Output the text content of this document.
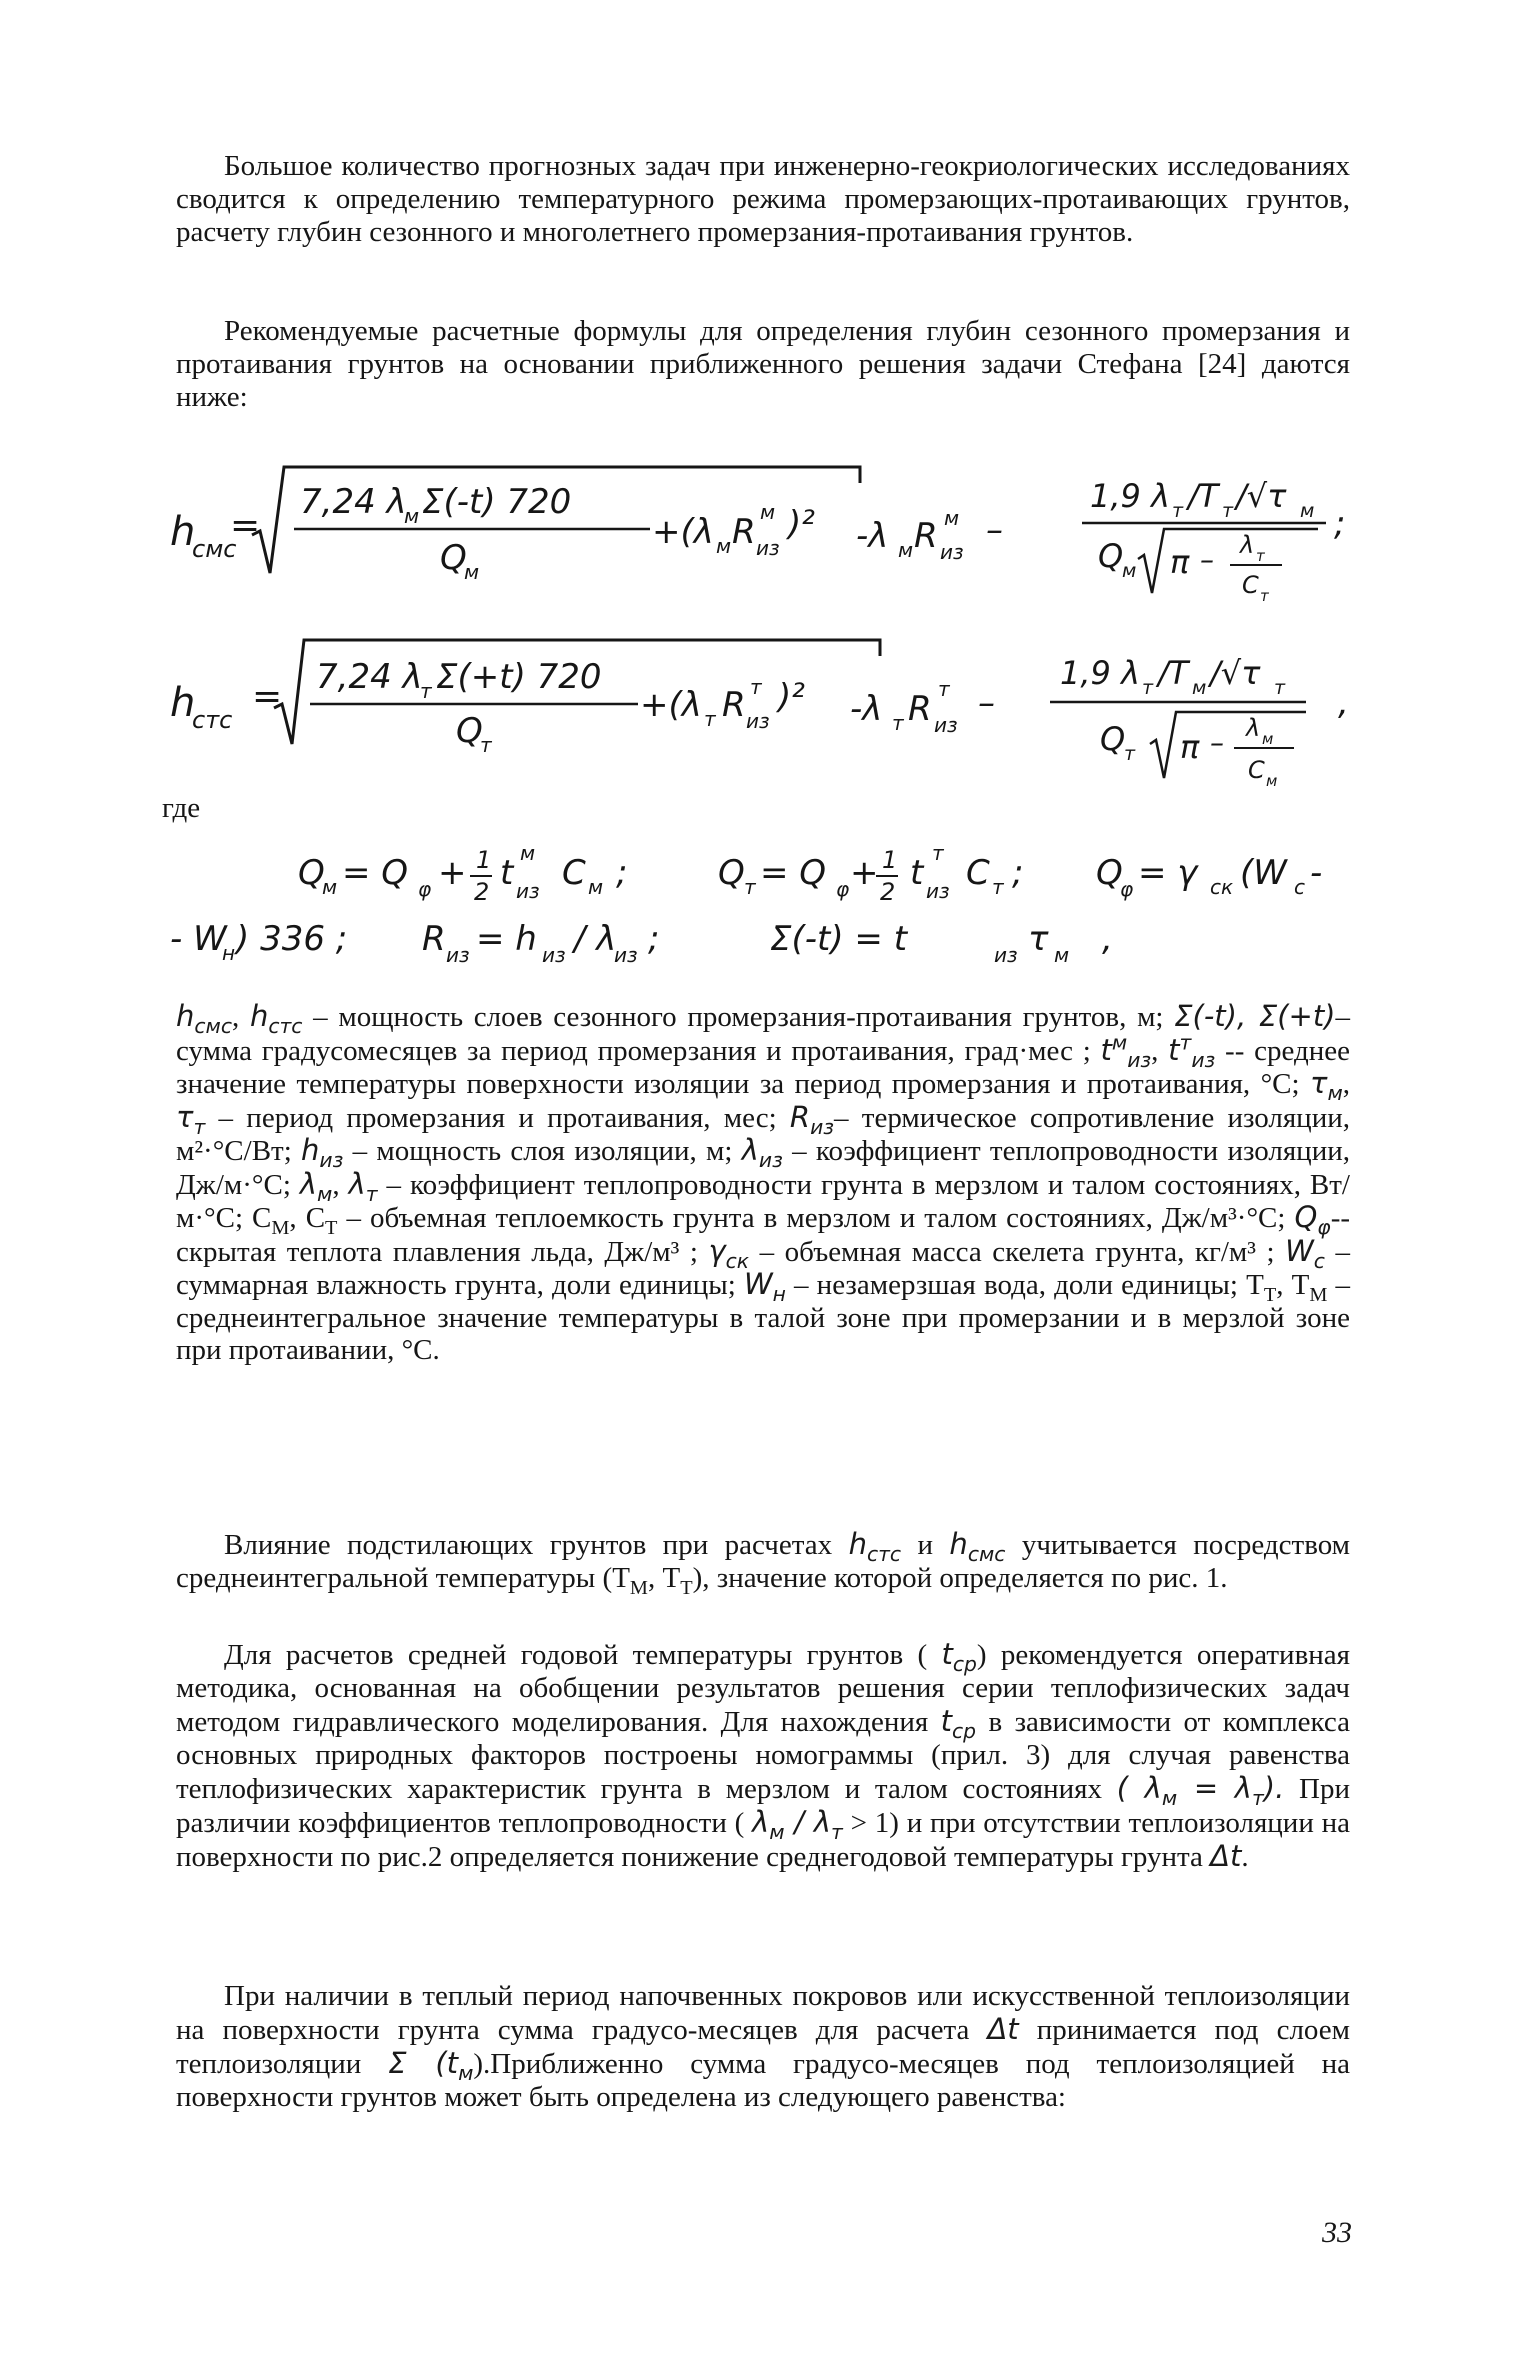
Большое количество прогнозных задач при инженерно-геокриологических исследованиях сводится к определению температурного режима промерзающих-протаивающих грунтов, расчету глубин сезонного и многолетнего промерзания-протаивания грунтов.

Рекомендуемые расчетные формулы для определения глубин сезонного промерзания и протаивания грунтов на основании приближенного решения задачи Стефана [24] даются ниже:

h
смс
=
7,24 λ
м Σ(-t) 720
Q
м
+(λ м R м
из
)² -λ м R м
из
–
1,9 λ т /T т /√τ м
Q
м π – λ т
C т
;
h
стс
= 7,24 λ
т Σ(+t) 720
Q
т
+(λ т R т
из
)² -λ т R т
из
–
1,9 λ т /T м /√τ т
Q
т π – λ м
C м
,
где
Q
м = Q φ + 1
2 t м
из C м ;	Q т = Q φ + 1
2 t т
из C т ; Q
φ = γ ск (W с -
- W
н ) 336 ; R из = h из / λ
из ;	Σ(-t) = t	из τ м ,

$h_{смс}$, $h_{стс}$ – мощность слоев сезонного промерзания-протаивания грунтов, м; Σ(-t), Σ(+t)– сумма градусомесяцев за период промерзания и протаивания, град·мес ; $t^м_{из}$, $t^т_{из}$ -- среднее значение температуры поверхности изоляции за период промерзания и протаивания, °С; $\tau_м$, $\tau_т$ – период промерзания и протаивания, мес; $R_{из}-$ термическое сопротивление изоляции, м²·°С/Вт; $h_{из}$ – мощность слоя изоляции, м; $\lambda_{из}$ – коэффициент теплопроводности изоляции, Дж/м·°С; $\lambda_м$, $\lambda_т$ – коэффициент теплопроводности грунта в мерзлом и талом состояниях, Вт/м·°С; $C_М$, $C_Т$ – объемная теплоемкость грунта в мерзлом и талом состояниях, Дж/м³·°С; $Q_\varphi--$ скрытая теплота плавления льда, Дж/м³ ; $\gamma_{ск}$ – объемная масса скелета грунта, кг/м³ ; $W_с$ – суммарная влажность грунта, доли единицы; $W_н$ – незамерзшая вода, доли единицы; $T_Т$, $T_М$ – среднеинтегральное значение температуры в талой зоне при промерзании и в мерзлой зоне при протаивании, °С.

Влияние подстилающих грунтов при расчетах $h_{стс}$ и $h_{смс}$ учитывается посредством среднеинтегральной температуры ($T_М$, $T_Т$), значение которой определяется по рис. 1.

Для расчетов средней годовой температуры грунтов ( $t_{ср}$) рекомендуется оперативная методика, основанная на обобщении результатов решения серии теплофизических задач методом гидравлического моделирования. Для нахождения $t_{ср}$ в зависимости от комплекса основных природных факторов построены номограммы (прил. 3) для случая равенства теплофизических характеристик грунта в мерзлом и талом состояниях ( $\lambda_м = \lambda_т$). При различии коэффициентов теплопроводности ( $\lambda_м / \lambda_т > 1$) и при отсутствии теплоизоляции на поверхности по рис.2 определяется понижение среднегодовой температуры грунта Δt.

При наличии в теплый период напочвенных покровов или искусственной теплоизоляции на поверхности грунта сумма градусо-месяцев для расчета Δt принимается под слоем теплоизоляции Σ $(t_м).Приближенно$ сумма градусо-месяцев под теплоизоляцией на поверхности грунтов может быть определена из следующего равенства:

33
